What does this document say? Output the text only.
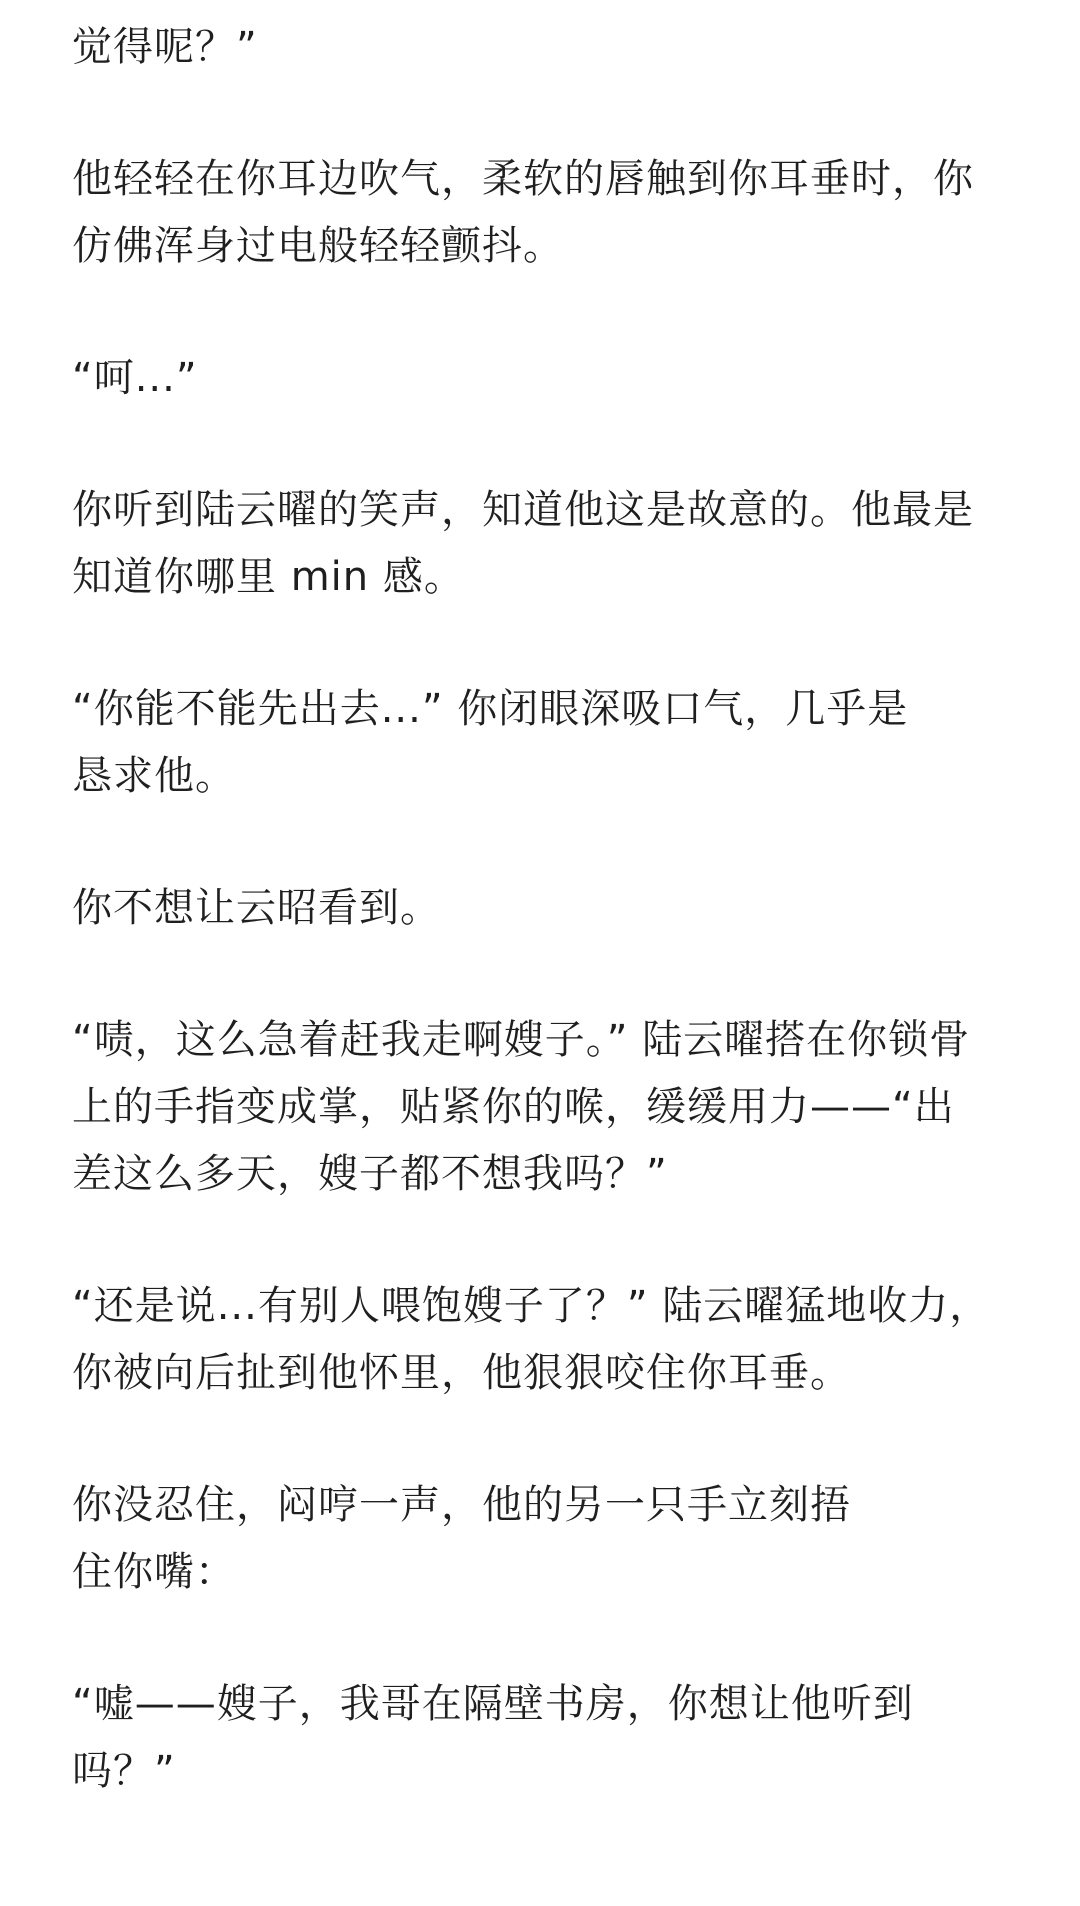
觉得呢？”

他轻轻在你耳边吹气，柔软的唇触到你耳垂时，你
仿佛浑身过电般轻轻颤抖。

“呵...”

你听到陆云曜的笑声，知道他这是故意的。他最是
知道你哪里 min 感。

“你能不能先出去...” 你闭眼深吸口气，几乎是
恳求他。

你不想让云昭看到。

“啧，这么急着赶我走啊嫂子。” 陆云曜搭在你锁骨
上的手指变成掌，贴紧你的喉，缓缓用力——“出
差这么多天，嫂子都不想我吗？”

“还是说...有别人喂饱嫂子了？” 陆云曜猛地收力，
你被向后扯到他怀里，他狠狠咬住你耳垂。

你没忍住，闷哼一声，他的另一只手立刻捂
住你嘴：

“嘘——嫂子，我哥在隔壁书房，你想让他听到
吗？”
